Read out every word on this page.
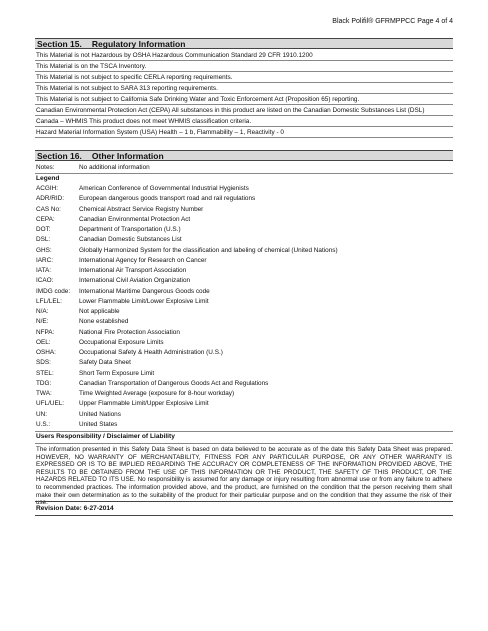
Black Polifil® GFRMPPCC Page 4 of 4
Section 15. Regulatory Information
This Material is not Hazardous by OSHA Hazardous Communication Standard 29 CFR 1910.1200
This Material is on the TSCA Inventory.
This Material is not subject to specific CERLA reporting requirements.
This Material is not subject to SARA 313 reporting requirements.
This Material is not subject to California Safe Drinking Water and Toxic Enforcement Act (Proposition 65) reporting.
Canadian Environmental Protection Act (CEPA) All substances in this product are listed on the Canadian Domestic Substances List (DSL)
Canada – WHMIS This product does not meet WHMIS classification criteria.
Hazard Material Information System (USA) Health – 1 b, Flammability – 1, Reactivity - 0
Section 16. Other Information
Notes:	No additional information
Legend
ACGIH:	American Conference of Governmental Industrial Hygienists
ADR/RID: European dangerous goods transport road and rail regulations
CAS No:	Chemical Abstract Service Registry Number
CEPA:	Canadian Environmental Protection Act
DOT:	Department of Transportation (U.S.)
DSL:	Canadian Domestic Substances List
GHS:	Globally Harmonized System for the classification and labeling of chemical (United Nations)
IARC:	International Agency for Research on Cancer
IATA:	International Air Transport Association
ICAO:	International Civil Aviation Organization
IMDG code: International Maritime Dangerous Goods code
LFL/LEL:	Lower Flammable Limit/Lower Explosive Limit
N/A:	Not applicable
N/E:	None established
NFPA:	National Fire Protection Association
OEL:	Occupational Exposure Limits
OSHA:	Occupational Safety & Health Administration (U.S.)
SDS:	Safety Data Sheet
STEL:	Short Term Exposure Limit
TDG:	Canadian Transportation of Dangerous Goods Act and Regulations
TWA:	Time Weighted Average (exposure for 8-hour workday)
UFL/UEL: Upper Flammable Limit/Upper Explosive Limit
UN:	United Nations
U.S.:	United States
Users Responsibility / Disclaimer of Liability

The information presented in this Safety Data Sheet is based on data believed to be accurate as of the date this Safety Data Sheet was prepared. HOWEVER, NO WARRANTY OF MERCHANTABILITY, FITNESS FOR ANY PARTICULAR PURPOSE, OR ANY OTHER WARRANTY IS EXPRESSED OR IS TO BE IMPLIED REGARDING THE ACCURACY OR COMPLETENESS OF THE INFORMATION PROVIDED ABOVE, THE RESULTS TO BE OBTAINED FROM THE USE OF THIS INFORMATION OR THE PRODUCT, THE SAFETY OF THIS PRODUCT, OR THE HAZARDS RELATED TO ITS USE. No responsibility is assumed for any damage or injury resulting from abnormal use or from any failure to adhere to recommended practices. The information provided above, and the product, are furnished on the condition that the person receiving them shall make their own determination as to the suitability of the product for their particular purpose and on the condition that they assume the risk of their use.

Revision Date: 6-27-2014
